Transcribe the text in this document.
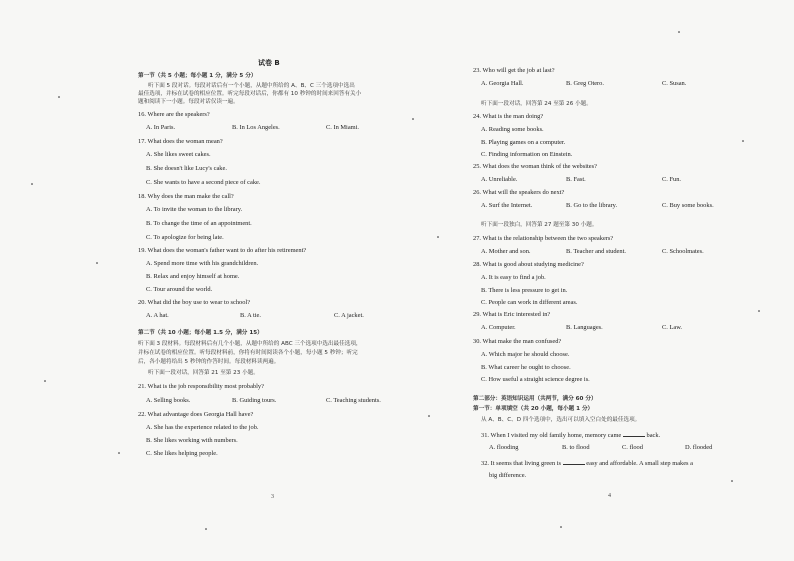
试卷 B
第一节（共 5 小题；每小题 1 分，满分 5 分）
听下面 5 段对话。每段对话后有一个小题，从题中所给的 A、B、C 三个选项中选出
最佳选项，并标在试卷的相应位置。听完每段对话后，你都有 10 秒钟的时间来回答有关小
题和阅读下一小题。每段对话仅读一遍。
16. Where are the speakers?
A. In Paris.	B. In Los Angeles.	C. In Miami.
17. What does the woman mean?
A. She likes sweet cakes.
B. She doesn't like Lucy's cake.
C. She wants to have a second piece of cake.
18. Why does the man make the call?
A. To invite the woman to the library.
B. To change the time of an appointment.
C. To apologize for being late.
19. What does the woman's father want to do after his retirement?
A. Spend more time with his grandchildren.
B. Relax and enjoy himself at home.
C. Tour around the world.
20. What did the boy use to wear to school?
A. A hat.	B. A tie.	C. A jacket.
第二节（共 10 小题；每小题 1.5 分，满分 15）
听下面 3 段材料。每段材料后有几个小题，从题中所给的 ABC 三个选项中选出最佳选项，
并标在试卷的相应位置。听每段材料前，你将有时间阅读各个小题，每小题 5 秒钟；听完
后，各小题将给出 5 秒钟的作答时间。每段材料读两遍。
听下面一段对话，回答第 21 至第 23 小题。
21. What is the job responsibility most probably?
A. Selling books.	B. Guiding tours.	C. Teaching students.
22. What advantage does Georgia Hall have?
A. She has the experience related to the job.
B. She likes working with numbers.
C. She likes helping people.
3
23. Who will get the job at last?
A. Georgia Hall.	B. Greg Otero.	C. Susan.
听下面一段对话，回答第 24 至第 26 小题。
24. What is the man doing?
A. Reading some books.
B. Playing games on a computer.
C. Finding information on Einstein.
25. What does the woman think of the websites?
A. Unreliable.	B. Fast.	C. Fun.
26. What will the speakers do next?
A. Surf the Internet.	B. Go to the library.	C. Buy some books.
听下面一段独白，回答第 27 题至第 30 小题。
27. What is the relationship between the two speakers?
A. Mother and son.	B. Teacher and student.	C. Schoolmates.
28. What is good about studying medicine?
A. It is easy to find a job.
B. There is less pressure to get in.
C. People can work in different areas.
29. What is Eric interested in?
A. Computer.	B. Languages.	C. Law.
30. What make the man confused?
A. Which major he should choose.
B. What career he ought to choose.
C. How useful a straight science degree is.
第二部分：英语知识运用（共两节，满分 60 分）
第一节：单项填空（共 20 小题，每小题 1 分）
从 A、B、C、D 四个选项中，选出可以填入空白处的最佳选项。
31. When I visited my old family home, memory came	back.
A. flooding	B. to flood	C. flood	D. flooded
32. It seems that living green is	easy and affordable. A small step makes a
big difference.
4
